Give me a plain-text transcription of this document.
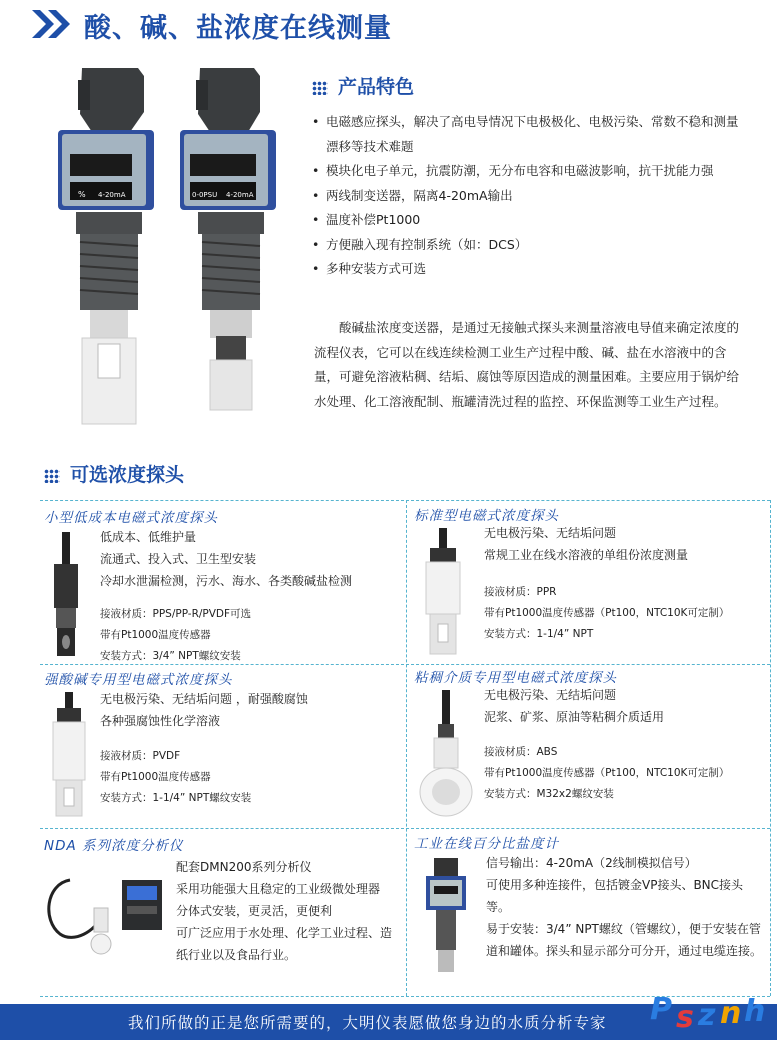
酸、碱、盐浓度在线测量
% 4-20mA	0-0PSU 4-20mA
产品特色
• 电磁感应探头，解决了高电导情况下电极极化、电极污染、常数不稳和测量漂移等技术难题
• 模块化电子单元，抗震防潮，无分布电容和电磁波影响，抗干扰能力强
• 两线制变送器，隔离4-20mA输出
• 温度补偿Pt1000
• 方便融入现有控制系统（如：DCS）
• 多种安装方式可选

酸碱盐浓度变送器，是通过无接触式探头来测量溶液电导值来确定浓度的流程仪表，它可以在线连续检测工业生产过程中酸、碱、盐在水溶液中的含量，可避免溶液粘稠、结垢、腐蚀等原因造成的测量困难。主要应用于锅炉给水处理、化工溶液配制、瓶罐清洗过程的监控、环保监测等工业生产过程。

可选浓度探头
小型低成本电磁式浓度探头

低成本、低维护量

流通式、投入式、卫生型安装

冷却水泄漏检测，污水、海水、各类酸碱盐检测

接液材质：PPS/PP-R/PVDF可选

带有Pt1000温度传感器

安装方式：3/4” NPT螺纹安装

标准型电磁式浓度探头

无电极污染、无结垢问题

常规工业在线水溶液的单组份浓度测量

接液材质：PPR

带有Pt1000温度传感器（Pt100，NTC10K可定制）

安装方式：1-1/4” NPT

强酸碱专用型电磁式浓度探头

无电极污染、无结垢问题 ，耐强酸腐蚀

各种强腐蚀性化学溶液

接液材质：PVDF

带有Pt1000温度传感器

安装方式：1-1/4” NPT螺纹安装

粘稠介质专用型电磁式浓度探头

无电极污染、无结垢问题

泥浆、矿浆、原油等粘稠介质适用

接液材质：ABS

带有Pt1000温度传感器（Pt100，NTC10K可定制）

安装方式：M32x2螺纹安装

NDA 系列浓度分析仪

配套DMN200系列分析仪

采用功能强大且稳定的工业级微处理器

分体式安装，更灵活，更便利

可广泛应用于水处理、化学工业过程、造纸行业以及食品行业。

工业在线百分比盐度计

信号输出：4-20mA（2线制模拟信号）

可使用多种连接件，包括镀金VP接头、BNC接头等。

易于安装：3/4” NPT螺纹（管螺纹），便于安装在管道和罐体。探头和显示部分可分开，通过电缆连接。

我们所做的正是您所需要的，大明仪表愿做您身边的水质分析专家 P s z n h
